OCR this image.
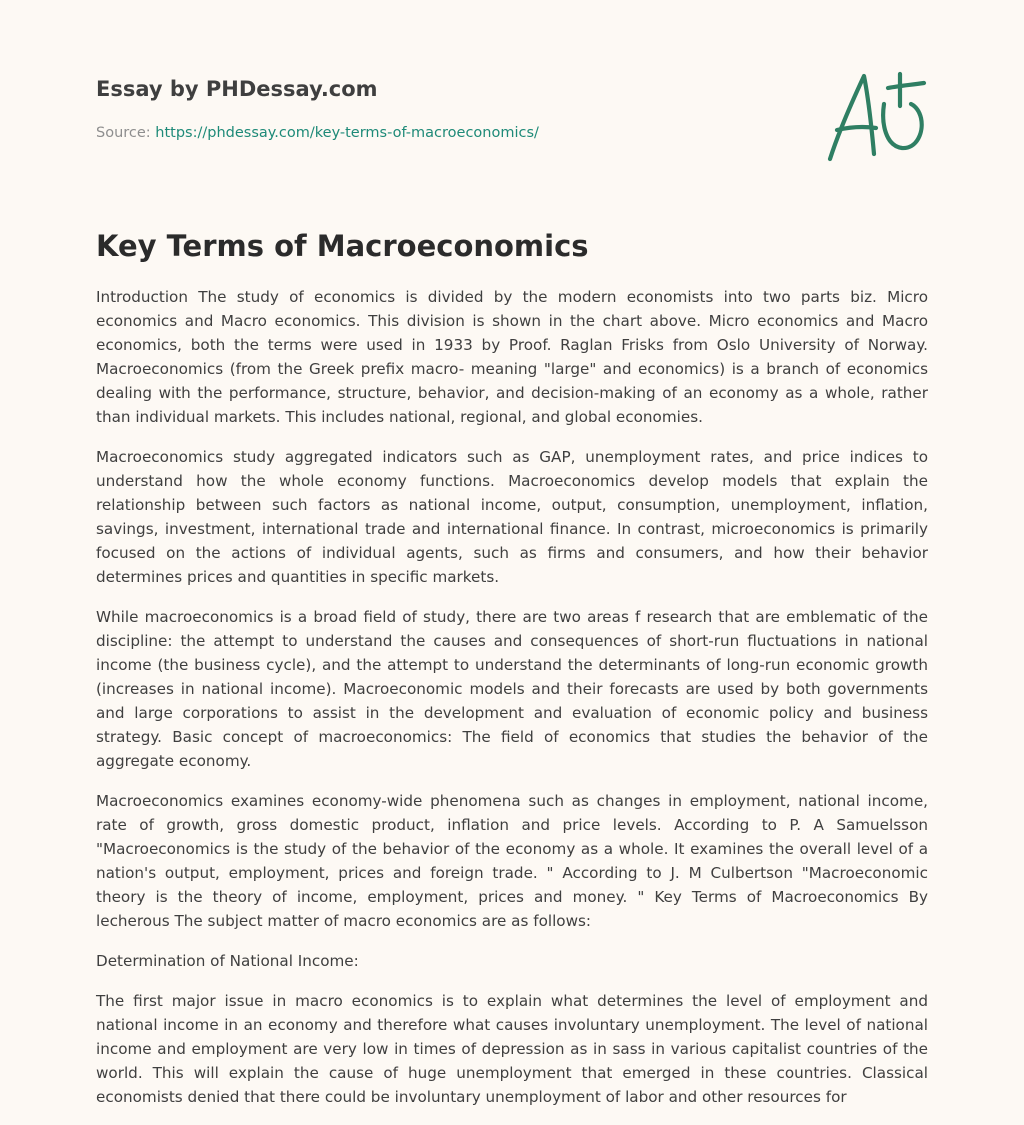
Essay by PHDessay.com
Source: https://phdessay.com/key-terms-of-macroeconomics/
Key Terms of Macroeconomics

Introduction The study of economics is divided by the modern economists into two parts biz. Micro economics and Macro economics. This division is shown in the chart above. Micro economics and Macro economics, both the terms were used in 1933 by Proof. Raglan Frisks from Oslo University of Norway. Macroeconomics (from the Greek prefix macro- meaning "large" and economics) is a branch of economics dealing with the performance, structure, behavior, and decision-making of an economy as a whole, rather than individual markets. This includes national, regional, and global economies.

Macroeconomics study aggregated indicators such as GAP, unemployment rates, and price indices to understand how the whole economy functions. Macroeconomics develop models that explain the relationship between such factors as national income, output, consumption, unemployment, inflation, savings, investment, international trade and international finance. In contrast, microeconomics is primarily focused on the actions of individual agents, such as firms and consumers, and how their behavior determines prices and quantities in specific markets.

While macroeconomics is a broad field of study, there are two areas f research that are emblematic of the discipline: the attempt to understand the causes and consequences of short-run fluctuations in national income (the business cycle), and the attempt to understand the determinants of long-run economic growth (increases in national income). Macroeconomic models and their forecasts are used by both governments and large corporations to assist in the development and evaluation of economic policy and business strategy. Basic concept of macroeconomics: The field of economics that studies the behavior of the aggregate economy.

Macroeconomics examines economy-wide phenomena such as changes in employment, national income, rate of growth, gross domestic product, inflation and price levels. According to P. A Samuelsson "Macroeconomics is the study of the behavior of the economy as a whole. It examines the overall level of a nation's output, employment, prices and foreign trade. " According to J. M Culbertson "Macroeconomic theory is the theory of income, employment, prices and money. " Key Terms of Macroeconomics By lecherous The subject matter of macro economics are as follows:

Determination of National Income:

The first major issue in macro economics is to explain what determines the level of employment and national income in an economy and therefore what causes involuntary unemployment. The level of national income and employment are very low in times of depression as in sass in various capitalist countries of the world. This will explain the cause of huge unemployment that emerged in these countries. Classical economists denied that there could be involuntary unemployment of labor and other resources for
